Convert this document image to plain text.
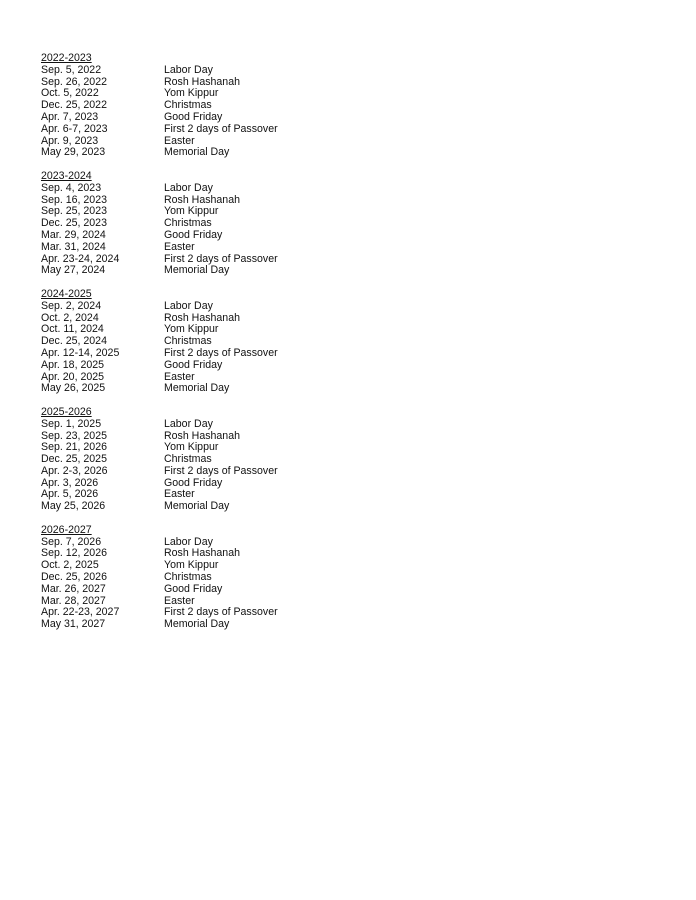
2022-2023
Sep. 5, 2022	Labor Day
Sep. 26, 2022	Rosh Hashanah
Oct. 5, 2022	Yom Kippur
Dec. 25, 2022	Christmas
Apr. 7, 2023	Good Friday
Apr. 6-7, 2023	First 2 days of Passover
Apr. 9, 2023	Easter
May 29, 2023	Memorial Day
2023-2024
Sep. 4, 2023	Labor Day
Sep. 16, 2023	Rosh Hashanah
Sep. 25, 2023	Yom Kippur
Dec. 25, 2023	Christmas
Mar. 29, 2024	Good Friday
Mar. 31, 2024	Easter
Apr. 23-24, 2024	First 2 days of Passover
May 27, 2024	Memorial Day
2024-2025
Sep. 2, 2024	Labor Day
Oct. 2, 2024	Rosh Hashanah
Oct. 11, 2024	Yom Kippur
Dec. 25, 2024	Christmas
Apr. 12-14, 2025	First 2 days of Passover
Apr. 18, 2025	Good Friday
Apr. 20, 2025	Easter
May 26, 2025	Memorial Day
2025-2026
Sep. 1, 2025	Labor Day
Sep. 23, 2025	Rosh Hashanah
Sep. 21, 2026	Yom Kippur
Dec. 25, 2025	Christmas
Apr. 2-3, 2026	First 2 days of Passover
Apr. 3, 2026	Good Friday
Apr. 5, 2026	Easter
May 25, 2026	Memorial Day
2026-2027
Sep. 7, 2026	Labor Day
Sep. 12, 2026	Rosh Hashanah
Oct. 2, 2025	Yom Kippur
Dec. 25, 2026	Christmas
Mar. 26, 2027	Good Friday
Mar. 28, 2027	Easter
Apr. 22-23, 2027	First 2 days of Passover
May 31, 2027	Memorial Day
